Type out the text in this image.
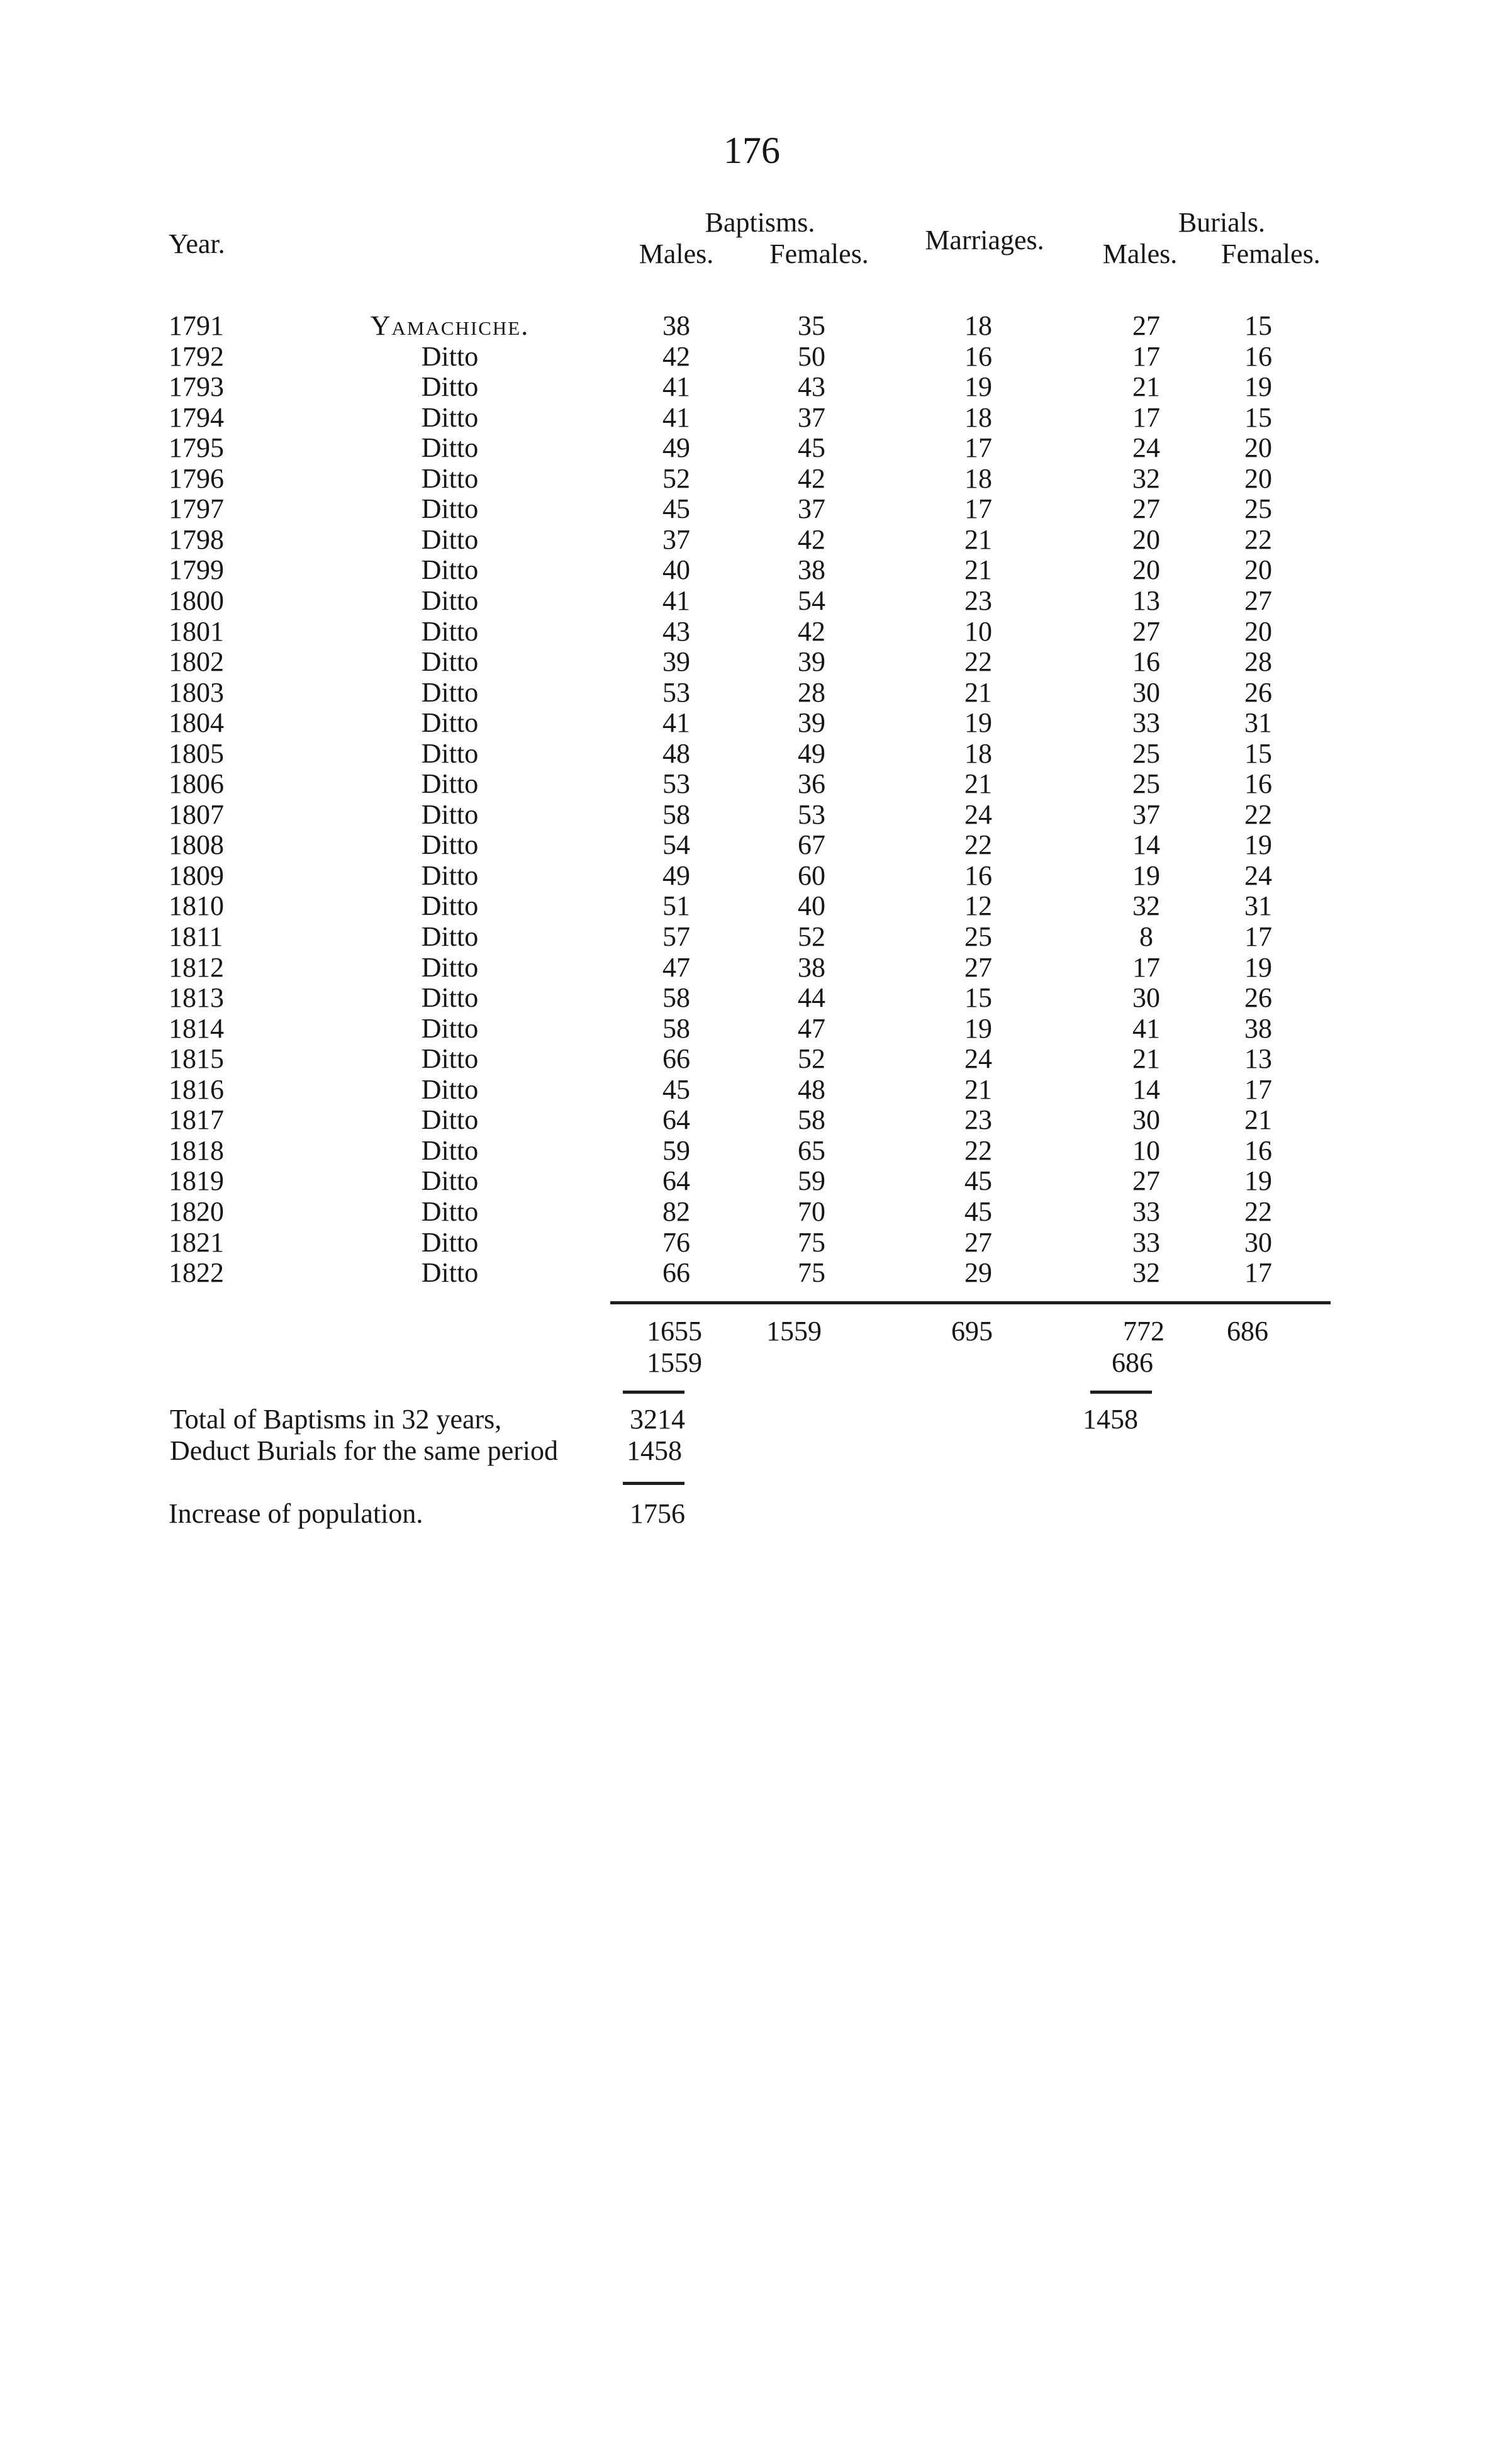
176
Year.
Baptisms.
Males. Females. Marriages.
Burials.
Males. Females.
1791	Yamachiche.	38	35	18	27	15
1792	Ditto	42	50	16	17	16
1793	Ditto	41	43	19	21	19
1794	Ditto	41	37	18	17	15
1795	Ditto	49	45	17	24	20
1796	Ditto	52	42	18	32	20
1797	Ditto	45	37	17	27	25
1798	Ditto	37	42	21	20	22
1799	Ditto	40	38	21	20	20
1800	Ditto	41	54	23	13	27
1801	Ditto	43	42	10	27	20
1802	Ditto	39	39	22	16	28
1803	Ditto	53	28	21	30	26
1804	Ditto	41	39	19	33	31
1805	Ditto	48	49	18	25	15
1806	Ditto	53	36	21	25	16
1807	Ditto	58	53	24	37	22
1808	Ditto	54	67	22	14	19
1809	Ditto	49	60	16	19	24
1810	Ditto	51	40	12	32	31
1811	Ditto	57	52	25	8	17
1812	Ditto	47	38	27	17	19
1813	Ditto	58	44	15	30	26
1814	Ditto	58	47	19	41	38
1815	Ditto	66	52	24	21	13
1816	Ditto	45	48	21	14	17
1817	Ditto	64	58	23	30	21
1818	Ditto	59	65	22	10	16
1819	Ditto	64	59	45	27	19
1820	Ditto	82	70	45	33	22
1821	Ditto	76	75	27	33	30
1822	Ditto	66	75	29	32	17
1655 1559	695	772 686
1559	686
Total of Baptisms in 32 years,	3214	1458
Deduct Burials for the same period 1458
Increase of population.	1756
